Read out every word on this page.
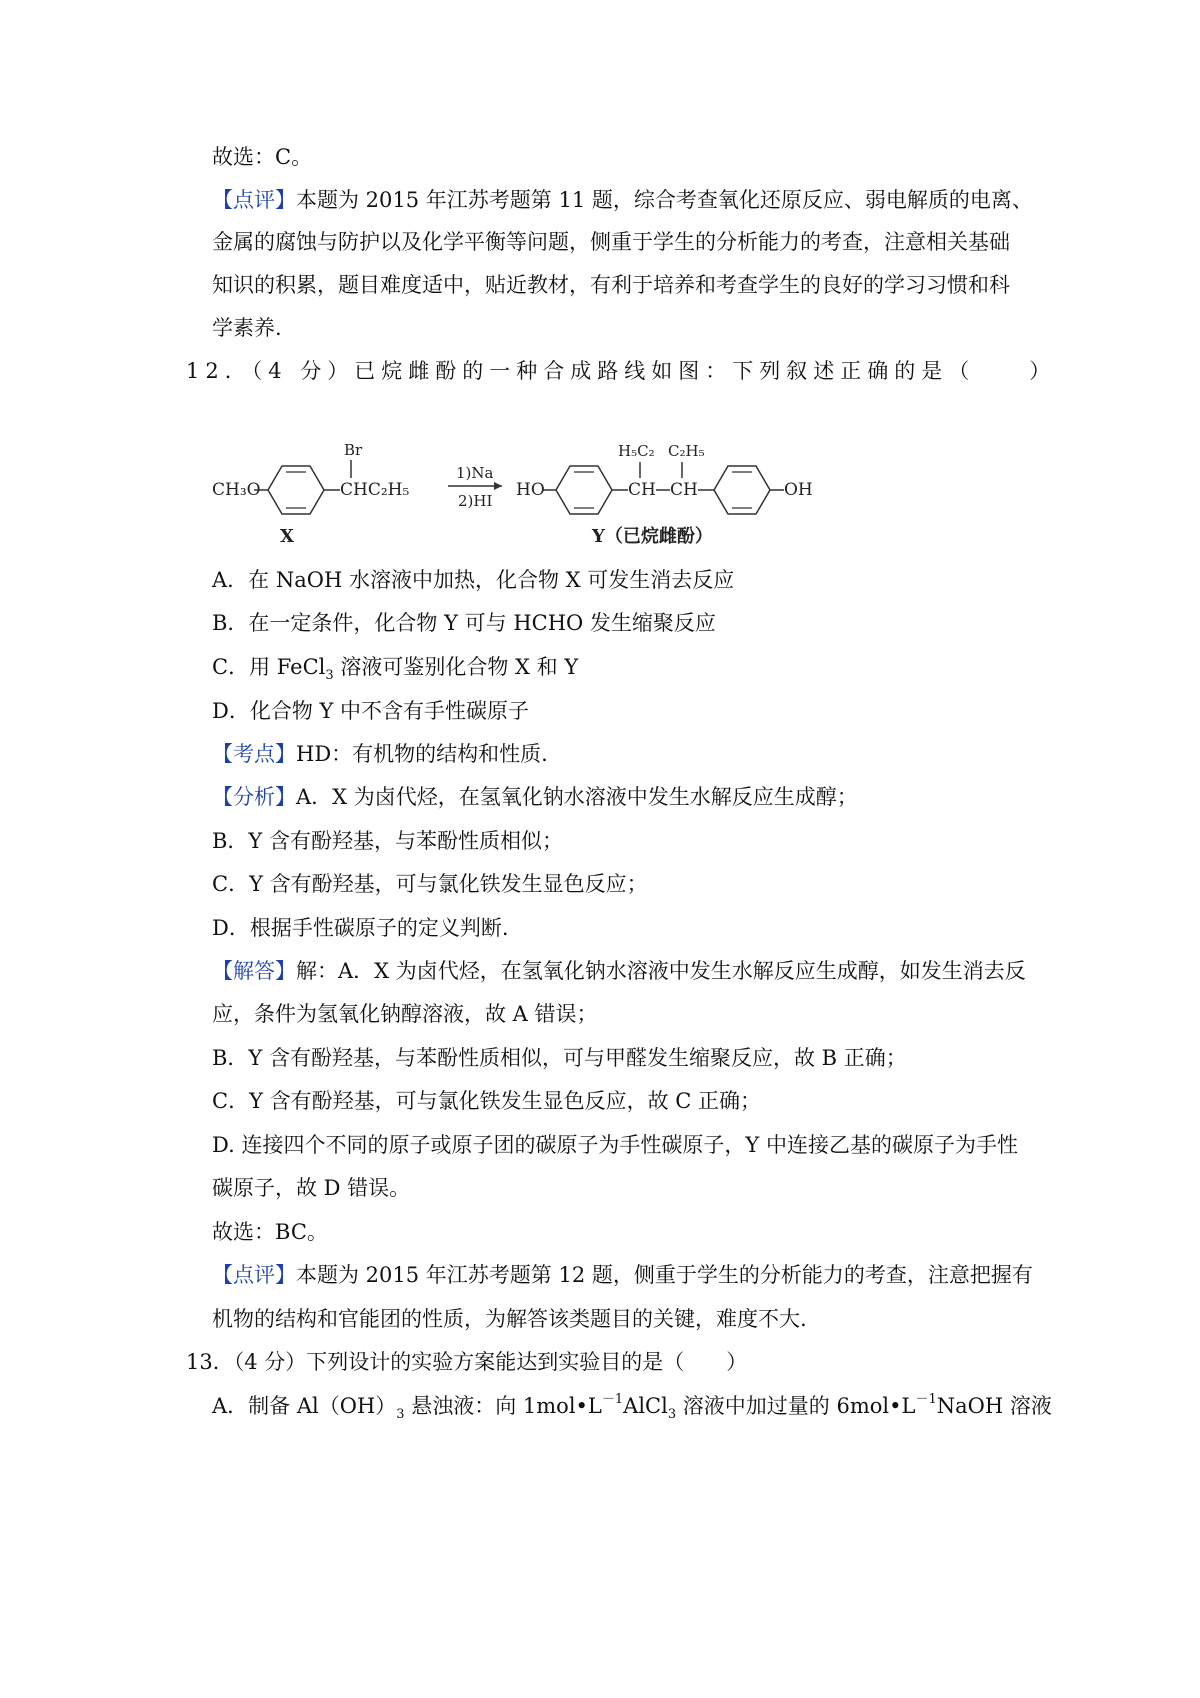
故选：C。
【点评】本题为 2015 年江苏考题第 11 题，综合考查氧化还原反应、弱电解质的电离、
金属的腐蚀与防护以及化学平衡等问题，侧重于学生的分析能力的考查，注意相关基础
知识的积累，题目难度适中，贴近教材，有利于培养和考查学生的良好的学习习惯和科
学素养.
12．（4 分）已烷雌酚的一种合成路线如图：下列叙述正确的是（　　）
CH₃O	CHC₂H₅
Br
X
1)Na
2)HI
HO	CH CH
H₅C₂ C₂H₅
OH
Y（已烷雌酚）
A．在 NaOH 水溶液中加热，化合物 X 可发生消去反应
B．在一定条件，化合物 Y 可与 HCHO 发生缩聚反应
C．用 FeCl$_3$ 溶液可鉴别化合物 X 和 Y
D．化合物 Y 中不含有手性碳原子
【考点】HD：有机物的结构和性质.
【分析】A．X 为卤代烃，在氢氧化钠水溶液中发生水解反应生成醇；
B．Y 含有酚羟基，与苯酚性质相似；
C．Y 含有酚羟基，可与氯化铁发生显色反应；
D．根据手性碳原子的定义判断.
【解答】解：A．X 为卤代烃，在氢氧化钠水溶液中发生水解反应生成醇，如发生消去反
应，条件为氢氧化钠醇溶液，故 A 错误；
B．Y 含有酚羟基，与苯酚性质相似，可与甲醛发生缩聚反应，故 B 正确；
C．Y 含有酚羟基，可与氯化铁发生显色反应，故 C 正确；
D. 连接四个不同的原子或原子团的碳原子为手性碳原子，Y 中连接乙基的碳原子为手性
碳原子，故 D 错误。
故选：BC。
【点评】本题为 2015 年江苏考题第 12 题，侧重于学生的分析能力的考查，注意把握有
机物的结构和官能团的性质，为解答该类题目的关键，难度不大.
13．（4 分）下列设计的实验方案能达到实验目的是（　　）
A．制备 $Al(OH)_3$ 悬浊液：向 $1mol•L^{-1}AlCl_3$ 溶液中加过量的 $6mol•L^{-1}NaOH$ 溶液
